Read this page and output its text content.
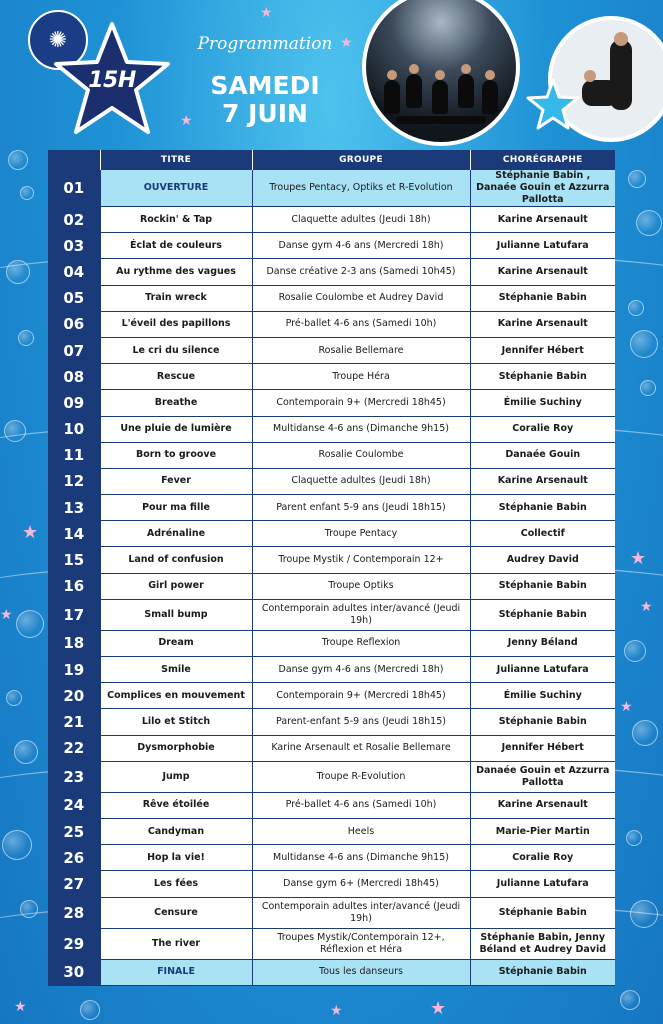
★
★
★
★
★
★
★
★	★	★
★
✺
15H
Programmation
SAMEDI
7 JUIN
	TITRE	GROUPE	CHORÉGRAPHE
01	OUVERTURE	Troupes Pentacy, Optiks et R-Evolution	Stéphanie Babin , Danaée Gouin et Azzurra Pallotta
02	Rockin' & Tap	Claquette adultes (Jeudi 18h)	Karine Arsenault
03	Éclat de couleurs	Danse gym 4-6 ans (Mercredi 18h)	Julianne Latufara
04	Au rythme des vagues	Danse créative 2-3 ans (Samedi 10h45)	Karine Arsenault
05	Train wreck	Rosalie Coulombe et Audrey David	Stéphanie Babin
06	L'éveil des papillons	Pré-ballet 4-6 ans (Samedi 10h)	Karine Arsenault
07	Le cri du silence	Rosalie Bellemare	Jennifer Hébert
08	Rescue	Troupe Héra	Stéphanie Babin
09	Breathe	Contemporain 9+ (Mercredi 18h45)	Émilie Suchiny
10	Une pluie de lumière	Multidanse 4-6 ans (Dimanche 9h15)	Coralie Roy
11	Born to groove	Rosalie Coulombe	Danaée Gouin
12	Fever	Claquette adultes (Jeudi 18h)	Karine Arsenault
13	Pour ma fille	Parent enfant 5-9 ans (Jeudi 18h15)	Stéphanie Babin
14	Adrénaline	Troupe Pentacy	Collectif
15	Land of confusion	Troupe Mystik / Contemporain 12+	Audrey David
16	Girl power	Troupe Optiks	Stéphanie Babin
17	Small bump	Contemporain adultes inter/avancé (Jeudi 19h)	Stéphanie Babin
18	Dream	Troupe Reflexion	Jenny Béland
19	Smile	Danse gym 4-6 ans (Mercredi 18h)	Julianne Latufara
20	Complices en mouvement	Contemporain 9+ (Mercredi 18h45)	Émilie Suchiny
21	Lilo et Stitch	Parent-enfant 5-9 ans (Jeudi 18h15)	Stéphanie Babin
22	Dysmorphobie	Karine Arsenault et Rosalie Bellemare	Jennifer Hébert
23	Jump	Troupe R-Evolution	Danaée Gouin et Azzurra Pallotta
24	Rêve étoilée	Pré-ballet 4-6 ans (Samedi 10h)	Karine Arsenault
25	Candyman	Heels	Marie-Pier Martin
26	Hop la vie!	Multidanse 4-6 ans (Dimanche 9h15)	Coralie Roy
27	Les fées	Danse gym 6+ (Mercredi 18h45)	Julianne Latufara
28	Censure	Contemporain adultes inter/avancé (Jeudi 19h)	Stéphanie Babin
29	The river	Troupes Mystik/Contemporain 12+, Réflexion et Héra	Stéphanie Babin, Jenny Béland et Audrey David
30	FINALE	Tous les danseurs	Stéphanie Babin
